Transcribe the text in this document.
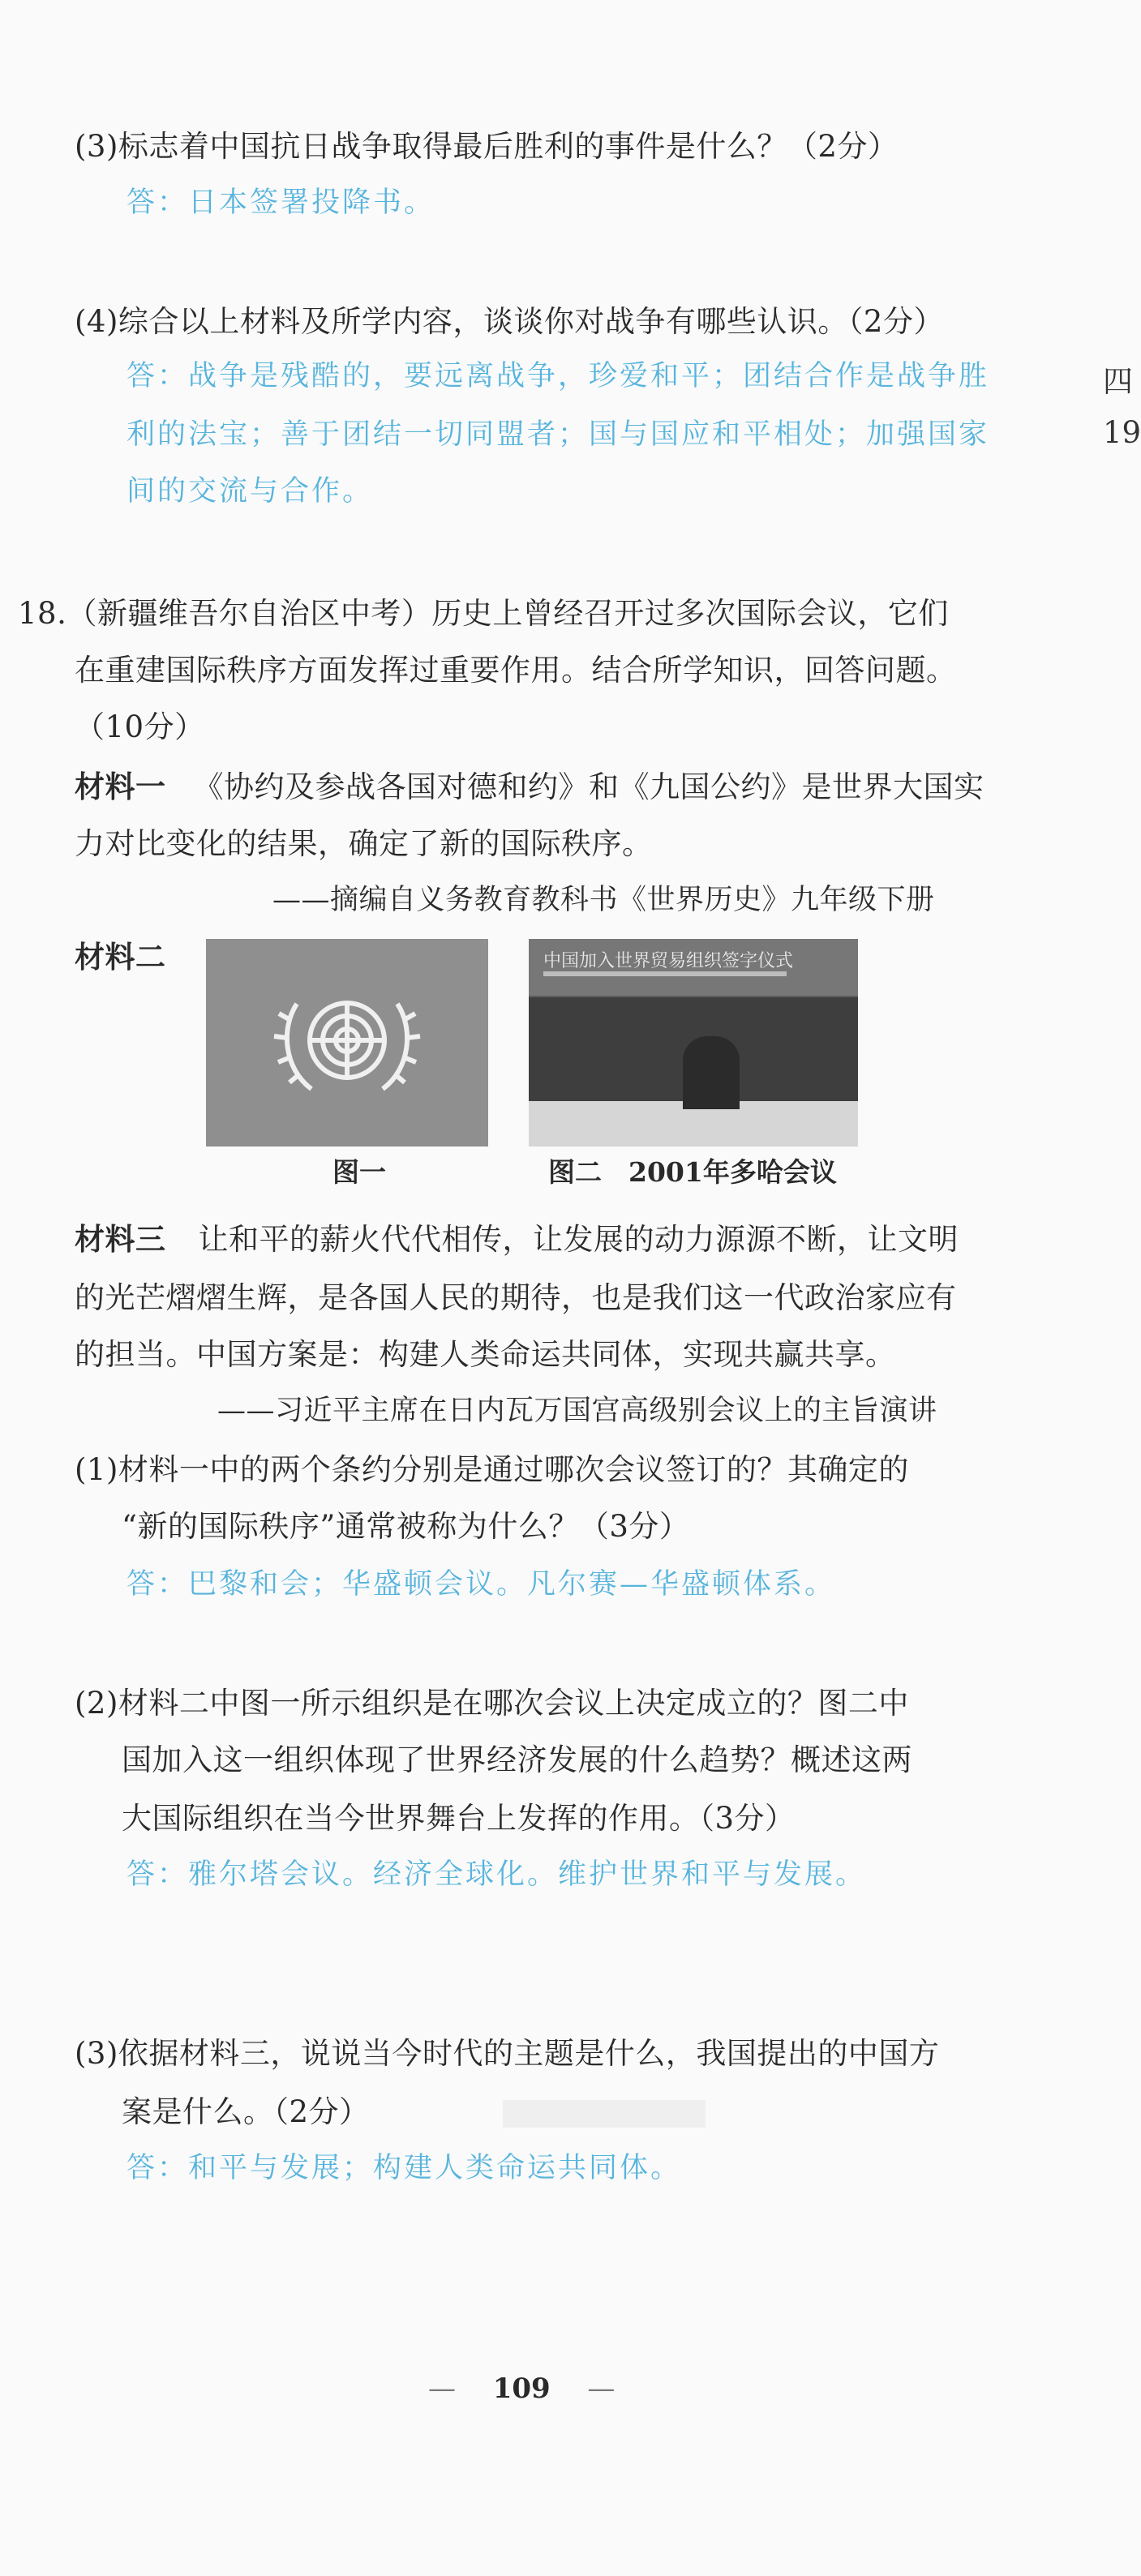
(3)标志着中国抗日战争取得最后胜利的事件是什么？（2分）
答：日本签署投降书。
(4)综合以上材料及所学内容，谈谈你对战争有哪些认识。（2分）
答：战争是残酷的，要远离战争，珍爱和平；团结合作是战争胜
利的法宝；善于团结一切同盟者；国与国应和平相处；加强国家
间的交流与合作。
四
19
18.（新疆维吾尔自治区中考）历史上曾经召开过多次国际会议，它们
在重建国际秩序方面发挥过重要作用。结合所学知识，回答问题。
（10分）
材料一 《协约及参战各国对德和约》和《九国公约》是世界大国实
力对比变化的结果，确定了新的国际秩序。
——摘编自义务教育教科书《世界历史》九年级下册
材料二	中国加入世界贸易组织签字仪式
图一	图二　2001年多哈会议
材料三 让和平的薪火代代相传，让发展的动力源源不断，让文明
的光芒熠熠生辉，是各国人民的期待，也是我们这一代政治家应有
的担当。中国方案是：构建人类命运共同体，实现共赢共享。
——习近平主席在日内瓦万国宫高级别会议上的主旨演讲
(1)材料一中的两个条约分别是通过哪次会议签订的？其确定的
“新的国际秩序”通常被称为什么？（3分）
答：巴黎和会；华盛顿会议。凡尔赛—华盛顿体系。
(2)材料二中图一所示组织是在哪次会议上决定成立的？图二中
国加入这一组织体现了世界经济发展的什么趋势？概述这两
大国际组织在当今世界舞台上发挥的作用。（3分）
答：雅尔塔会议。经济全球化。维护世界和平与发展。
(3)依据材料三，说说当今时代的主题是什么，我国提出的中国方
案是什么。（2分）
答：和平与发展；构建人类命运共同体。
— 109 —
